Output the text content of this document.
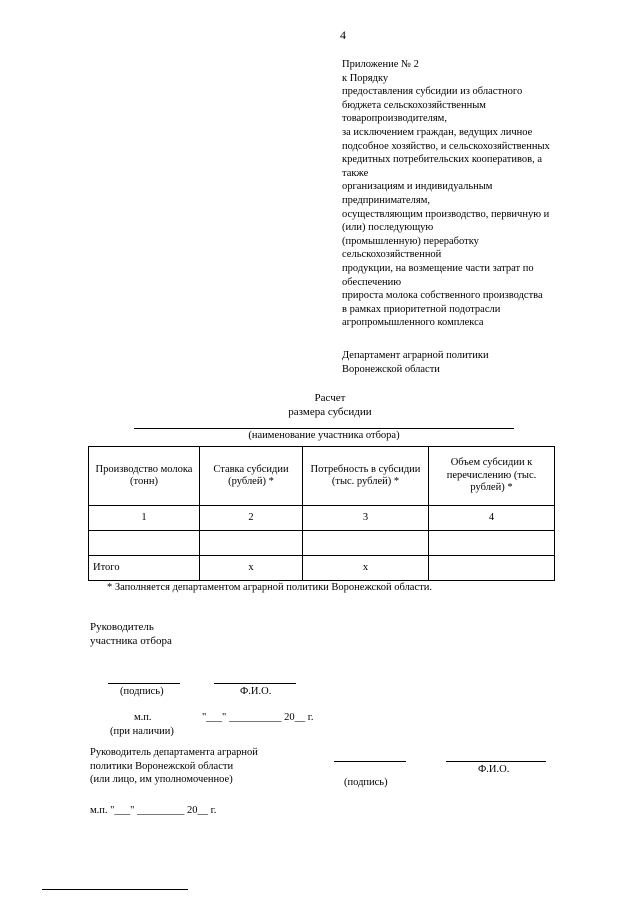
4
Приложение № 2
к Порядку
предоставления субсидии из областного
бюджета сельскохозяйственным
товаропроизводителям,
за исключением граждан, ведущих личное
подсобное хозяйство, и сельскохозяйственных
кредитных потребительских кооперативов, а
также
организациям и индивидуальным
предпринимателям,
осуществляющим производство, первичную и
(или) последующую
(промышленную) переработку
сельскохозяйственной
продукции, на возмещение части затрат по
обеспечению
прироста молока собственного производства
в рамках приоритетной подотрасли
агропромышленного комплекса
Департамент аграрной политики
Воронежской области
Расчет
размера субсидии
(наименование участника отбора)
Производство молока (тонн)	Ставка субсидии (рублей) *	Потребность в субсидии (тыс. рублей) *	Объем субсидии к перечислению (тыс. рублей) *
1	2	3	4

Итого	х	х	
* Заполняется департаментом аграрной политики Воронежской области.
Руководитель
участника отбора
(подпись)	Ф.И.О.
м.п.	"___" __________ 20__ г.
(при наличии)
Руководитель департамента аграрной
политики Воронежской области
(или лицо, им уполномоченное)
Ф.И.О.
(подпись)
м.п. "___" _________ 20__ г.
